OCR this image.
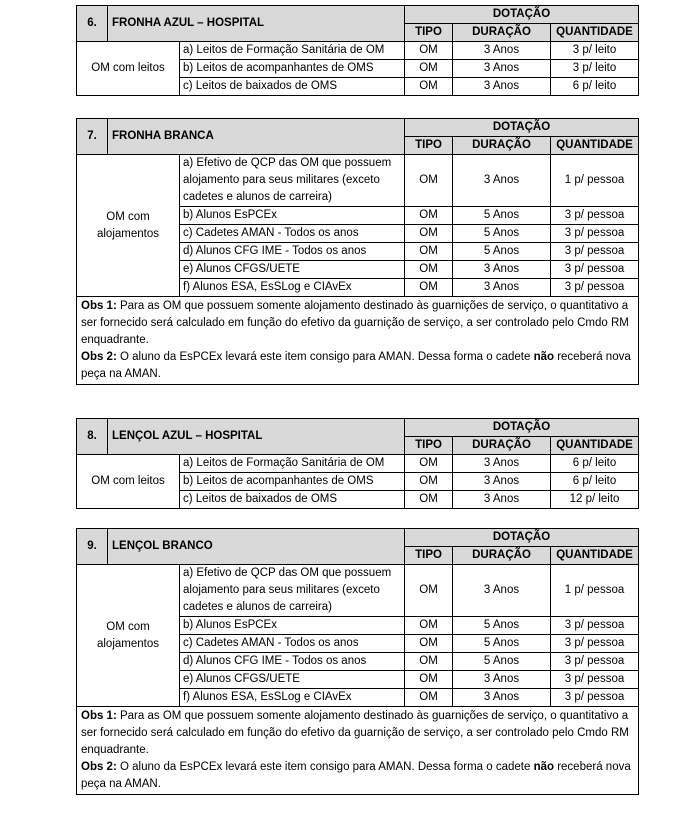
6.	FRONHA AZUL – HOSPITAL		DOTAÇÃO		
			TIPO	DURAÇÃO	QUANTIDADE
OM com leitos		a) Leitos de Formação Sanitária de OM	OM	3 Anos	3 p/ leito
		b) Leitos de acompanhantes de OMS	OM	3 Anos	3 p/ leito
		c) Leitos de baixados de OMS	OM	3 Anos	6 p/ leito
7.	FRONHA BRANCA		DOTAÇÃO		
			TIPO	DURAÇÃO	QUANTIDADE
OM com alojamentos		a) Efetivo de QCP das OM que possuem alojamento para seus militares (exceto cadetes e alunos de carreira)	OM	3 Anos	1 p/ pessoa
		b) Alunos EsPCEx	OM	5 Anos	3 p/ pessoa
		c) Cadetes AMAN - Todos os anos	OM	5 Anos	3 p/ pessoa
		d) Alunos CFG IME - Todos os anos	OM	5 Anos	3 p/ pessoa
		e) Alunos CFGS/UETE	OM	3 Anos	3 p/ pessoa
		f) Alunos ESA, EsSLog e CIAvEx	OM	3 Anos	3 p/ pessoa

Obs 1: Para as OM que possuem somente alojamento destinado às guarnições de serviço, o quantitativo a ser fornecido será calculado em função do efetivo da guarnição de serviço, a ser controlado pelo Cmdo RM enquadrante.

Obs 2: O aluno da EsPCEx levará este item consigo para AMAN. Dessa forma o cadete não receberá nova peça na AMAN.					

8.	LENÇOL AZUL – HOSPITAL		DOTAÇÃO		
			TIPO	DURAÇÃO	QUANTIDADE
OM com leitos		a) Leitos de Formação Sanitária de OM	OM	3 Anos	6 p/ leito
		b) Leitos de acompanhantes de OMS	OM	3 Anos	6 p/ leito
		c) Leitos de baixados de OMS	OM	3 Anos	12 p/ leito
9.	LENÇOL BRANCO		DOTAÇÃO		
			TIPO	DURAÇÃO	QUANTIDADE
OM com alojamentos		a) Efetivo de QCP das OM que possuem alojamento para seus militares (exceto cadetes e alunos de carreira)	OM	3 Anos	1 p/ pessoa
		b) Alunos EsPCEx	OM	5 Anos	3 p/ pessoa
		c) Cadetes AMAN - Todos os anos	OM	5 Anos	3 p/ pessoa
		d) Alunos CFG IME - Todos os anos	OM	5 Anos	3 p/ pessoa
		e) Alunos CFGS/UETE	OM	3 Anos	3 p/ pessoa
		f) Alunos ESA, EsSLog e CIAvEx	OM	3 Anos	3 p/ pessoa

Obs 1: Para as OM que possuem somente alojamento destinado às guarnições de serviço, o quantitativo a ser fornecido será calculado em função do efetivo da guarnição de serviço, a ser controlado pelo Cmdo RM enquadrante.

Obs 2: O aluno da EsPCEx levará este item consigo para AMAN. Dessa forma o cadete não receberá nova peça na AMAN.					
